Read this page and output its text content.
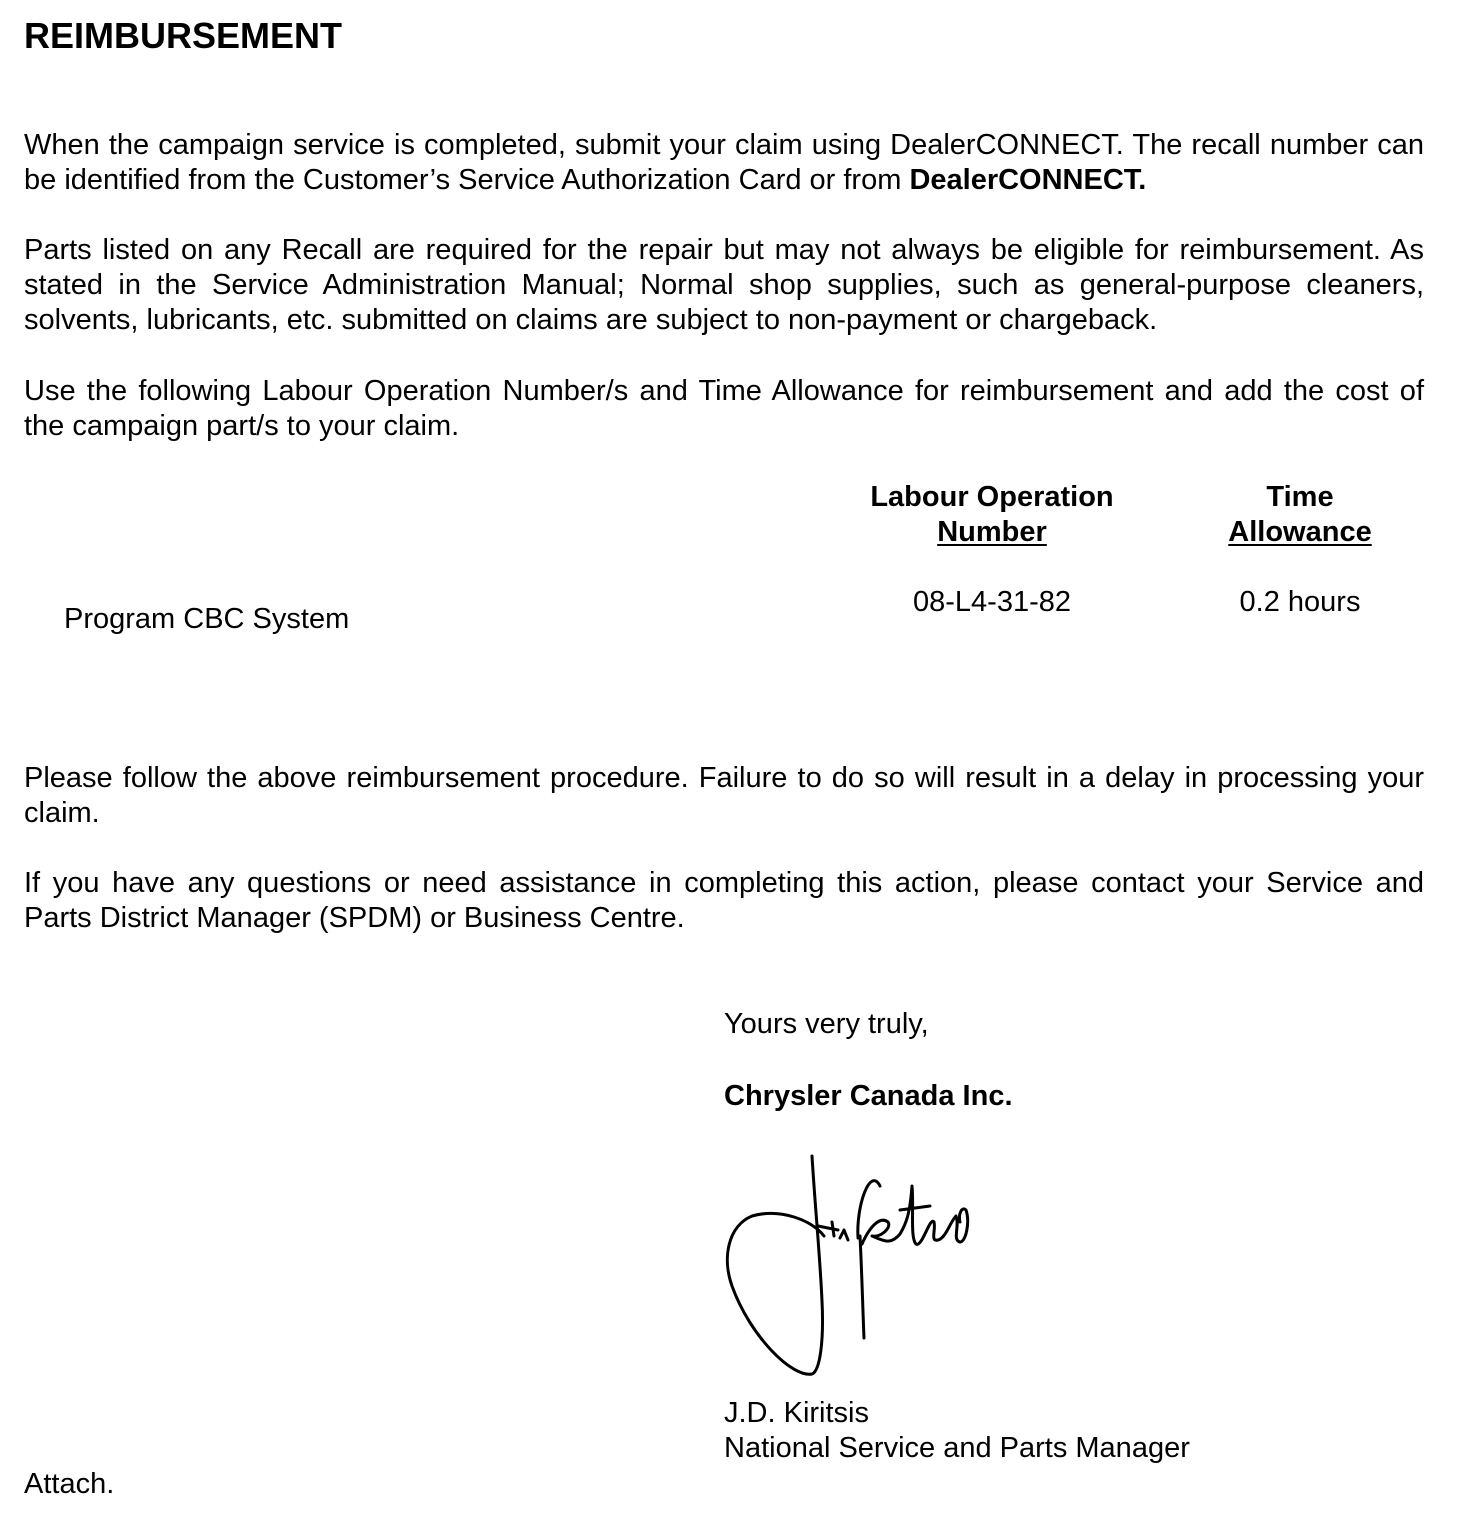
REIMBURSEMENT
When the campaign service is completed, submit your claim using DealerCONNECT. The recall number can be identified from the Customer’s Service Authorization Card or from DealerCONNECT.
Parts listed on any Recall are required for the repair but may not always be eligible for reimbursement. As stated in the Service Administration Manual; Normal shop supplies, such as general-purpose cleaners, solvents, lubricants, etc. submitted on claims are subject to non-payment or chargeback.
Use the following Labour Operation Number/s and Time Allowance for reimbursement and add the cost of the campaign part/s to your claim.
Labour Operation
Number
Time
Allowance
Program CBC System
08-L4-31-82	0.2 hours
Please follow the above reimbursement procedure. Failure to do so will result in a delay in processing your claim.
If you have any questions or need assistance in completing this action, please contact your Service and Parts District Manager (SPDM) or Business Centre.
Yours very truly,
Chrysler Canada Inc.
J.D. Kiritsis
National Service and Parts Manager
Attach.
